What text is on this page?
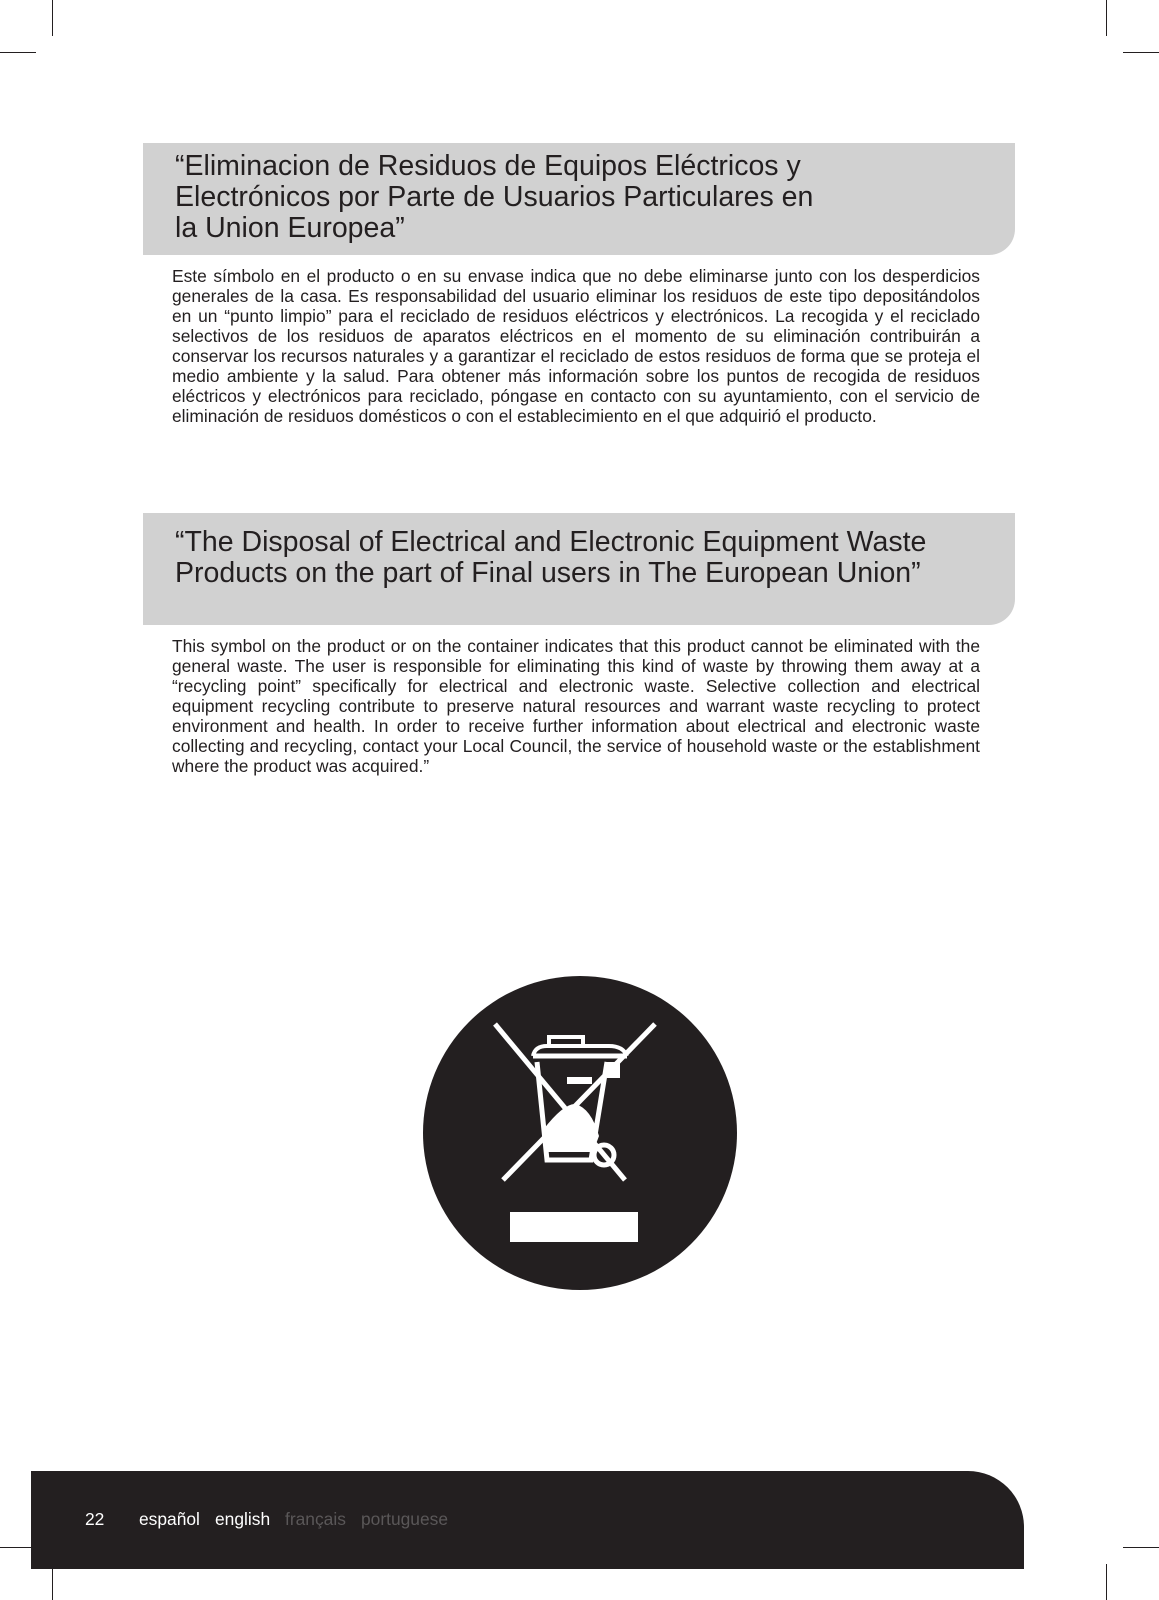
“Eliminacion de Residuos de Equipos Eléctricos y
Electrónicos por Parte de Usuarios Particulares en
la Union Europea”

Este símbolo en el producto o en su envase indica que no debe eliminarse junto con los desperdicios generales de la casa. Es responsabilidad del usuario eliminar los residuos de este tipo depositándolos en un “punto limpio” para el reciclado de residuos eléctricos y electrónicos. La recogida y el reciclado selectivos de los residuos de aparatos eléctricos en el momento de su eliminación contribuirán a conservar los recursos naturales y a garantizar el reciclado de estos residuos de forma que se proteja el medio ambiente y la salud. Para obtener más información sobre los puntos de recogida de residuos eléctricos y electrónicos para reciclado, póngase en contacto con su ayuntamiento, con el servicio de eliminación de residuos domésticos o con el establecimiento en el que adquirió el producto.

“The Disposal of Electrical and Electronic Equipment Waste
Products on the part of Final users in The European Union”

This symbol on the product or on the container indicates that this product cannot be eliminated with the general waste. The user is responsible for eliminating this kind of waste by throwing them away at a “recycling point” specifically for electrical and electronic waste. Selective collection and electrical equipment recycling contribute to preserve natural resources and warrant waste recycling to protect environment and health. In order to receive further information about electrical and electronic waste collecting and recycling, contact your Local Council, the service of household waste or the establishment where the product was acquired.”

22 español english français portuguese
